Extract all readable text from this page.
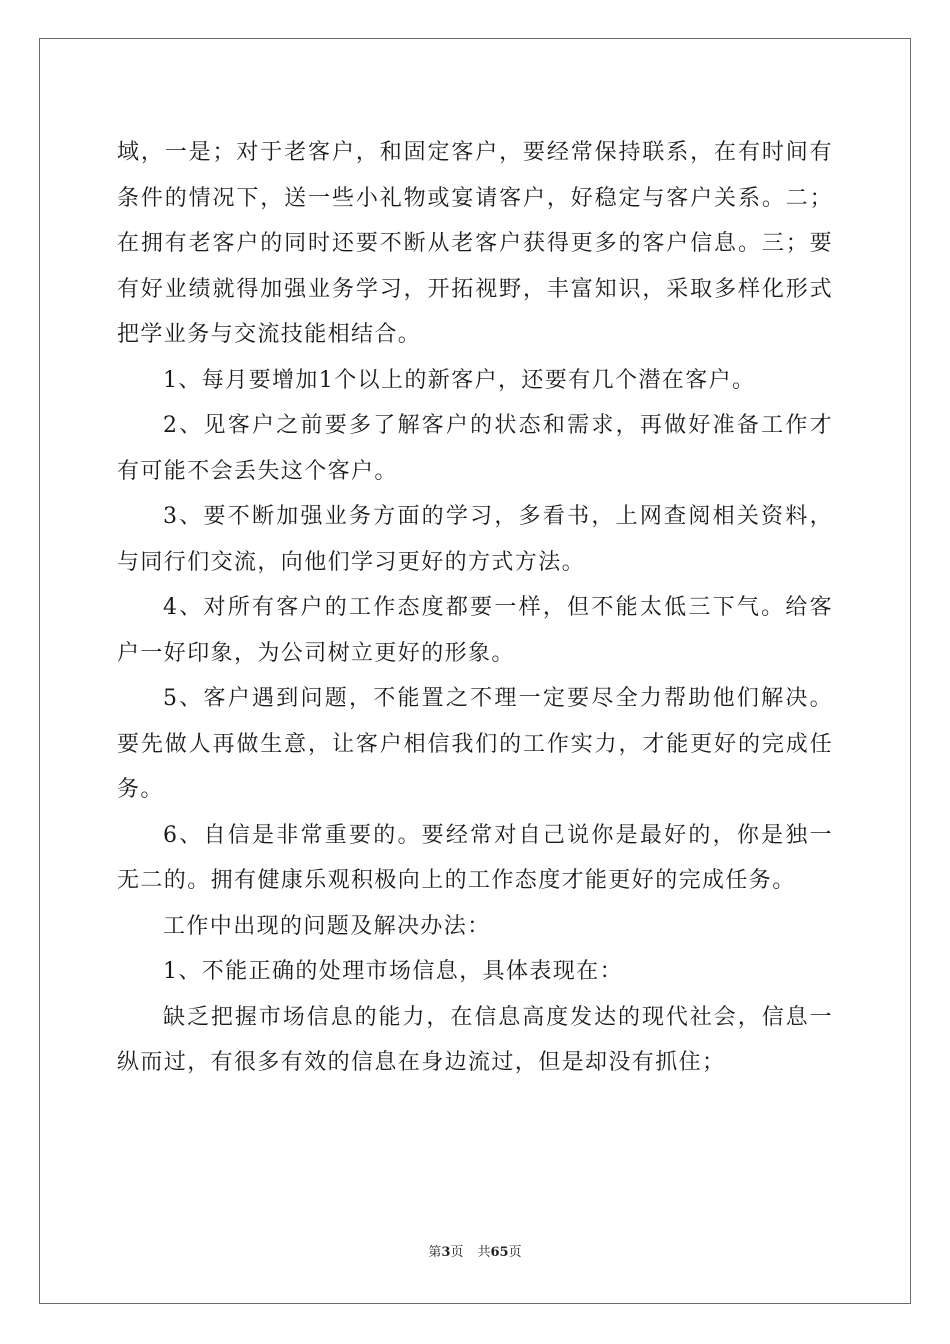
域，一是；对于老客户，和固定客户，要经常保持联系，在有时间有条件的情况下，送一些小礼物或宴请客户，好稳定与客户关系。二；在拥有老客户的同时还要不断从老客户获得更多的客户信息。三；要有好业绩就得加强业务学习，开拓视野，丰富知识，采取多样化形式把学业务与交流技能相结合。

1、每月要增加1个以上的新客户，还要有几个潜在客户。

2、见客户之前要多了解客户的状态和需求，再做好准备工作才有可能不会丢失这个客户。

3、要不断加强业务方面的学习，多看书，上网查阅相关资料，与同行们交流，向他们学习更好的方式方法。

4、对所有客户的工作态度都要一样，但不能太低三下气。给客户一好印象，为公司树立更好的形象。

5、客户遇到问题，不能置之不理一定要尽全力帮助他们解决。要先做人再做生意，让客户相信我们的工作实力，才能更好的完成任务。

6、自信是非常重要的。要经常对自己说你是最好的，你是独一无二的。拥有健康乐观积极向上的工作态度才能更好的完成任务。

工作中出现的问题及解决办法：

1、不能正确的处理市场信息，具体表现在：

缺乏把握市场信息的能力，在信息高度发达的现代社会，信息一纵而过，有很多有效的信息在身边流过，但是却没有抓住；

第3页 共65页
